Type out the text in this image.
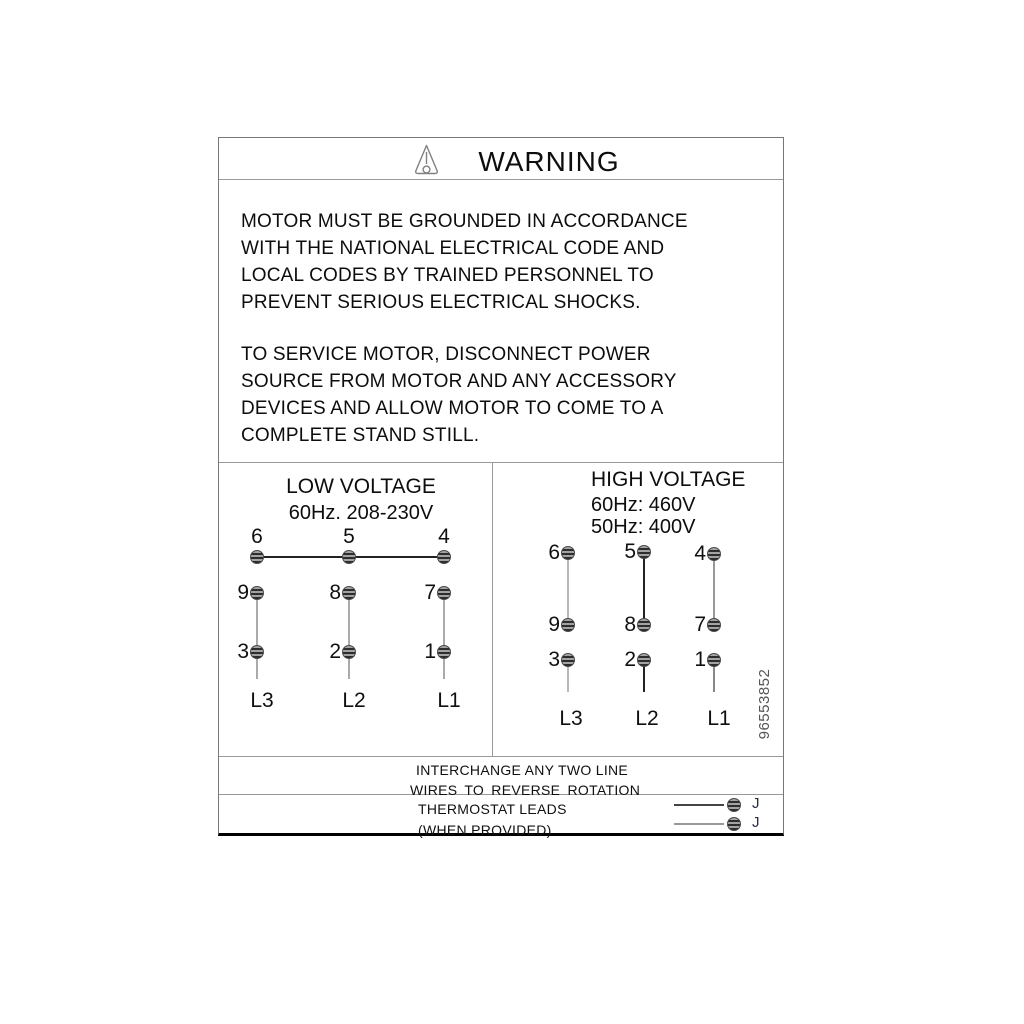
WARNING
MOTOR MUST BE GROUNDED IN ACCORDANCE
WITH THE NATIONAL ELECTRICAL CODE AND
LOCAL CODES BY TRAINED PERSONNEL TO
PREVENT SERIOUS ELECTRICAL SHOCKS.
TO SERVICE MOTOR, DISCONNECT POWER
SOURCE FROM MOTOR AND ANY ACCESSORY
DEVICES AND ALLOW MOTOR TO COME TO A
COMPLETE STAND STILL.
LOW VOLTAGE
60Hz. 208-230V
6	5	4
9	8	7
3	2	1
L3	L2	L1
HIGH VOLTAGE
60Hz: 460V
50Hz: 400V
6	5	4
9	8	7
3	2	1
L3	L2 L1 96553852
INTERCHANGE ANY TWO LINE
WIRES TO REVERSE ROTATION
THERMOSTAT LEADS
(WHEN PROVIDED)
J
J
